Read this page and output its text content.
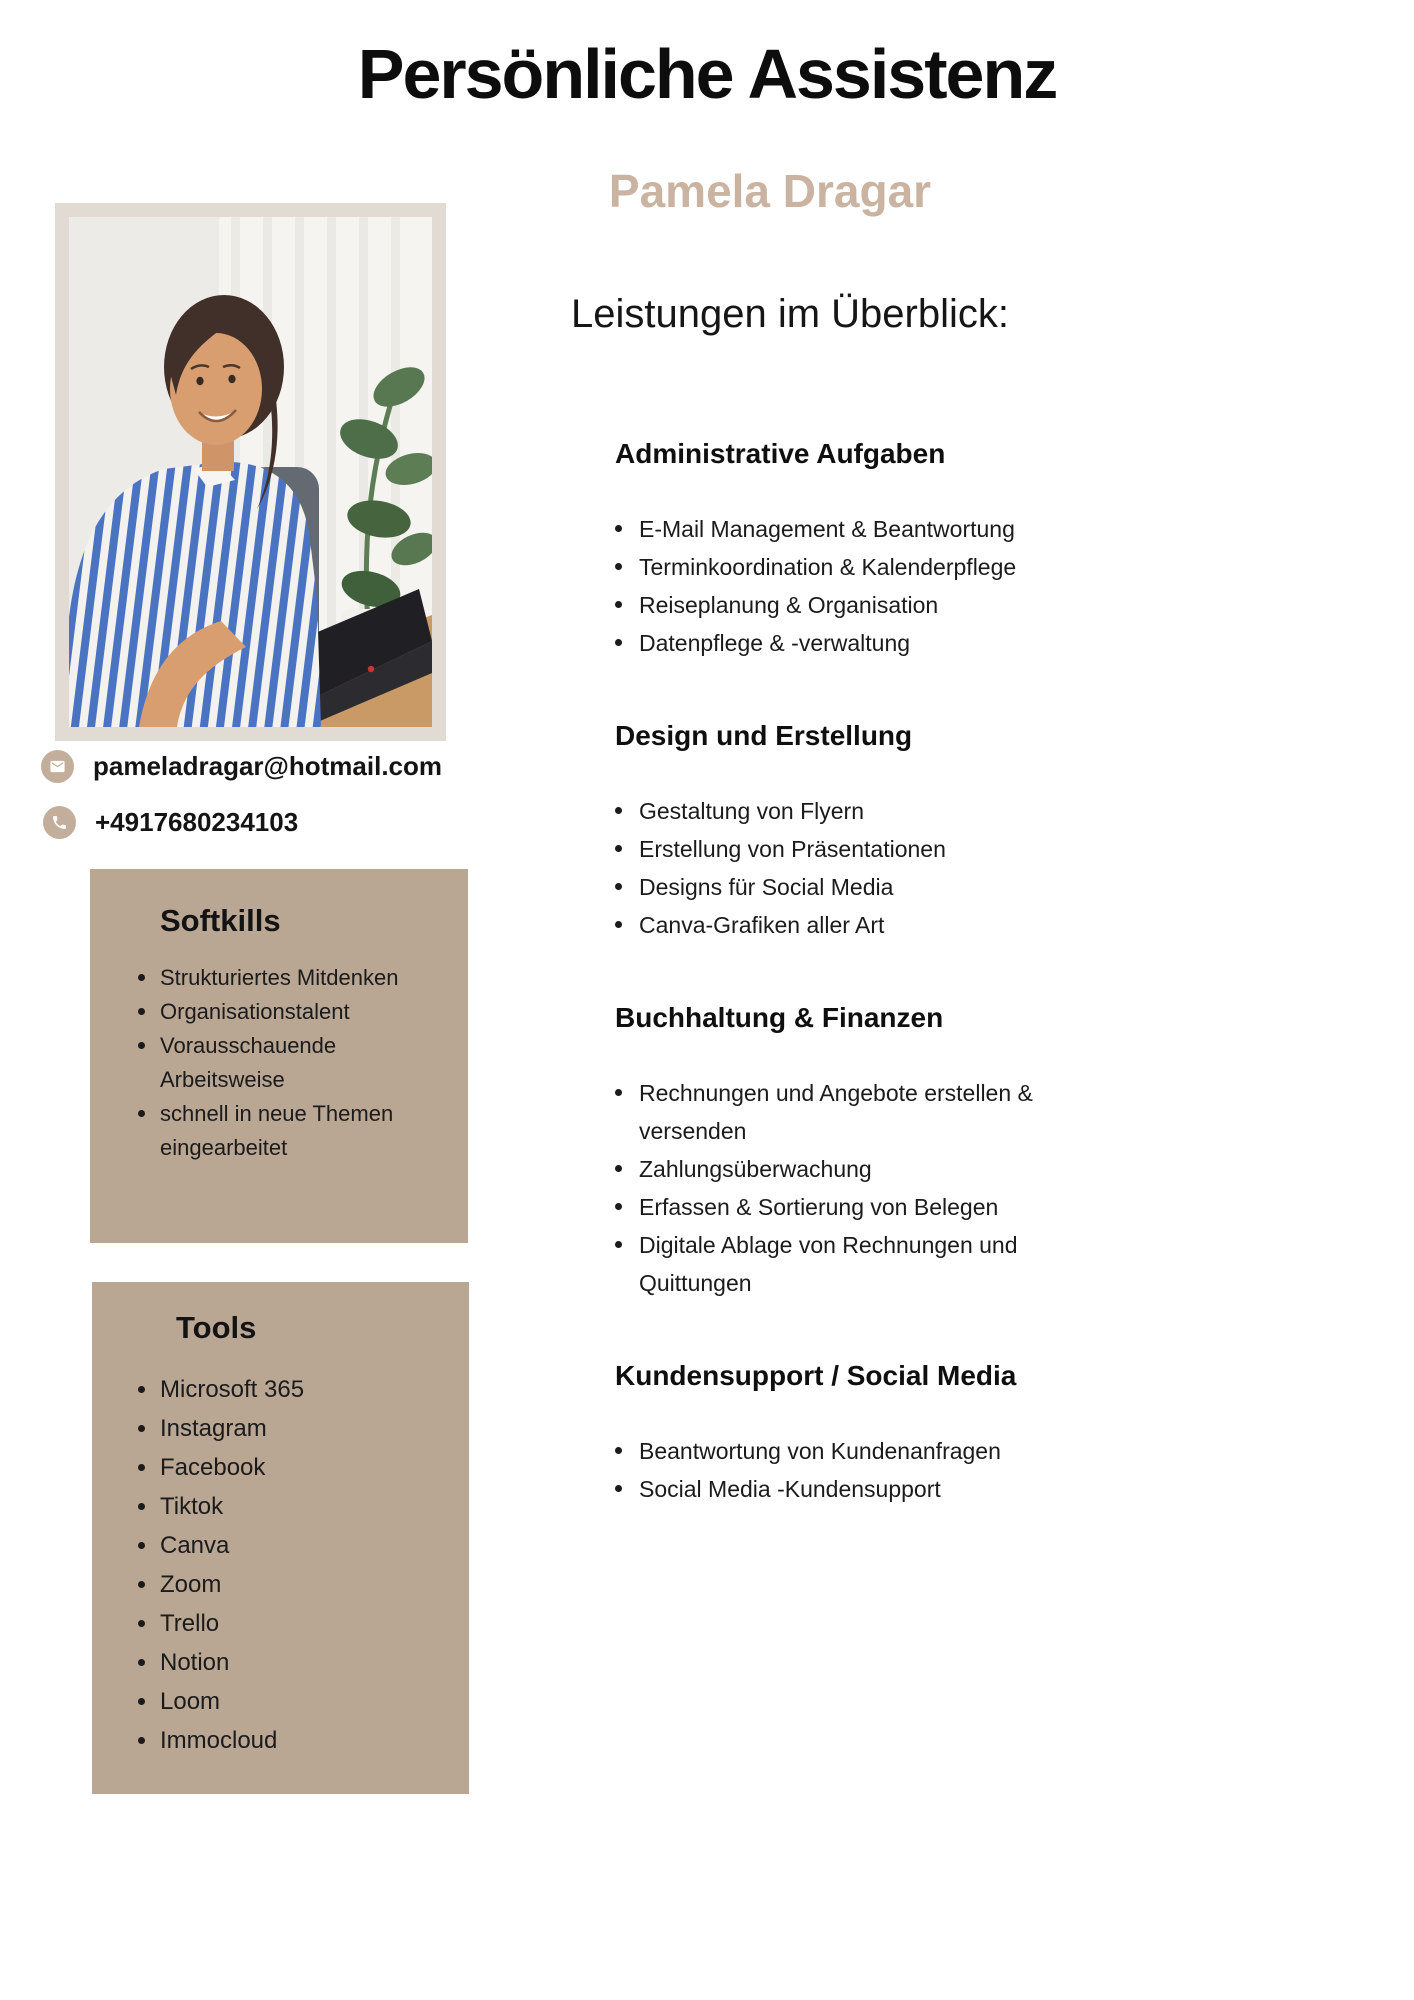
Persönliche Assistenz
Pamela Dragar
Leistungen im Überblick:
pameladragar@hotmail.com
+4917680234103
Softkills
Strukturiertes Mitdenken
Organisationstalent
Vorausschauende Arbeitsweise
schnell in neue Themen eingearbeitet
Tools
Microsoft 365
Instagram
Facebook
Tiktok
Canva
Zoom
Trello
Notion
Loom
Immocloud
Administrative Aufgaben
E-Mail Management & Beantwortung
Terminkoordination & Kalenderpflege
Reiseplanung & Organisation
Datenpflege & -verwaltung
Design und Erstellung
Gestaltung von Flyern
Erstellung von Präsentationen
Designs für Social Media
Canva-Grafiken aller Art
Buchhaltung & Finanzen
Rechnungen und Angebote erstellen & versenden
Zahlungsüberwachung
Erfassen & Sortierung von Belegen
Digitale Ablage von Rechnungen und Quittungen
Kundensupport / Social Media
Beantwortung von Kundenanfragen
Social Media -Kundensupport
